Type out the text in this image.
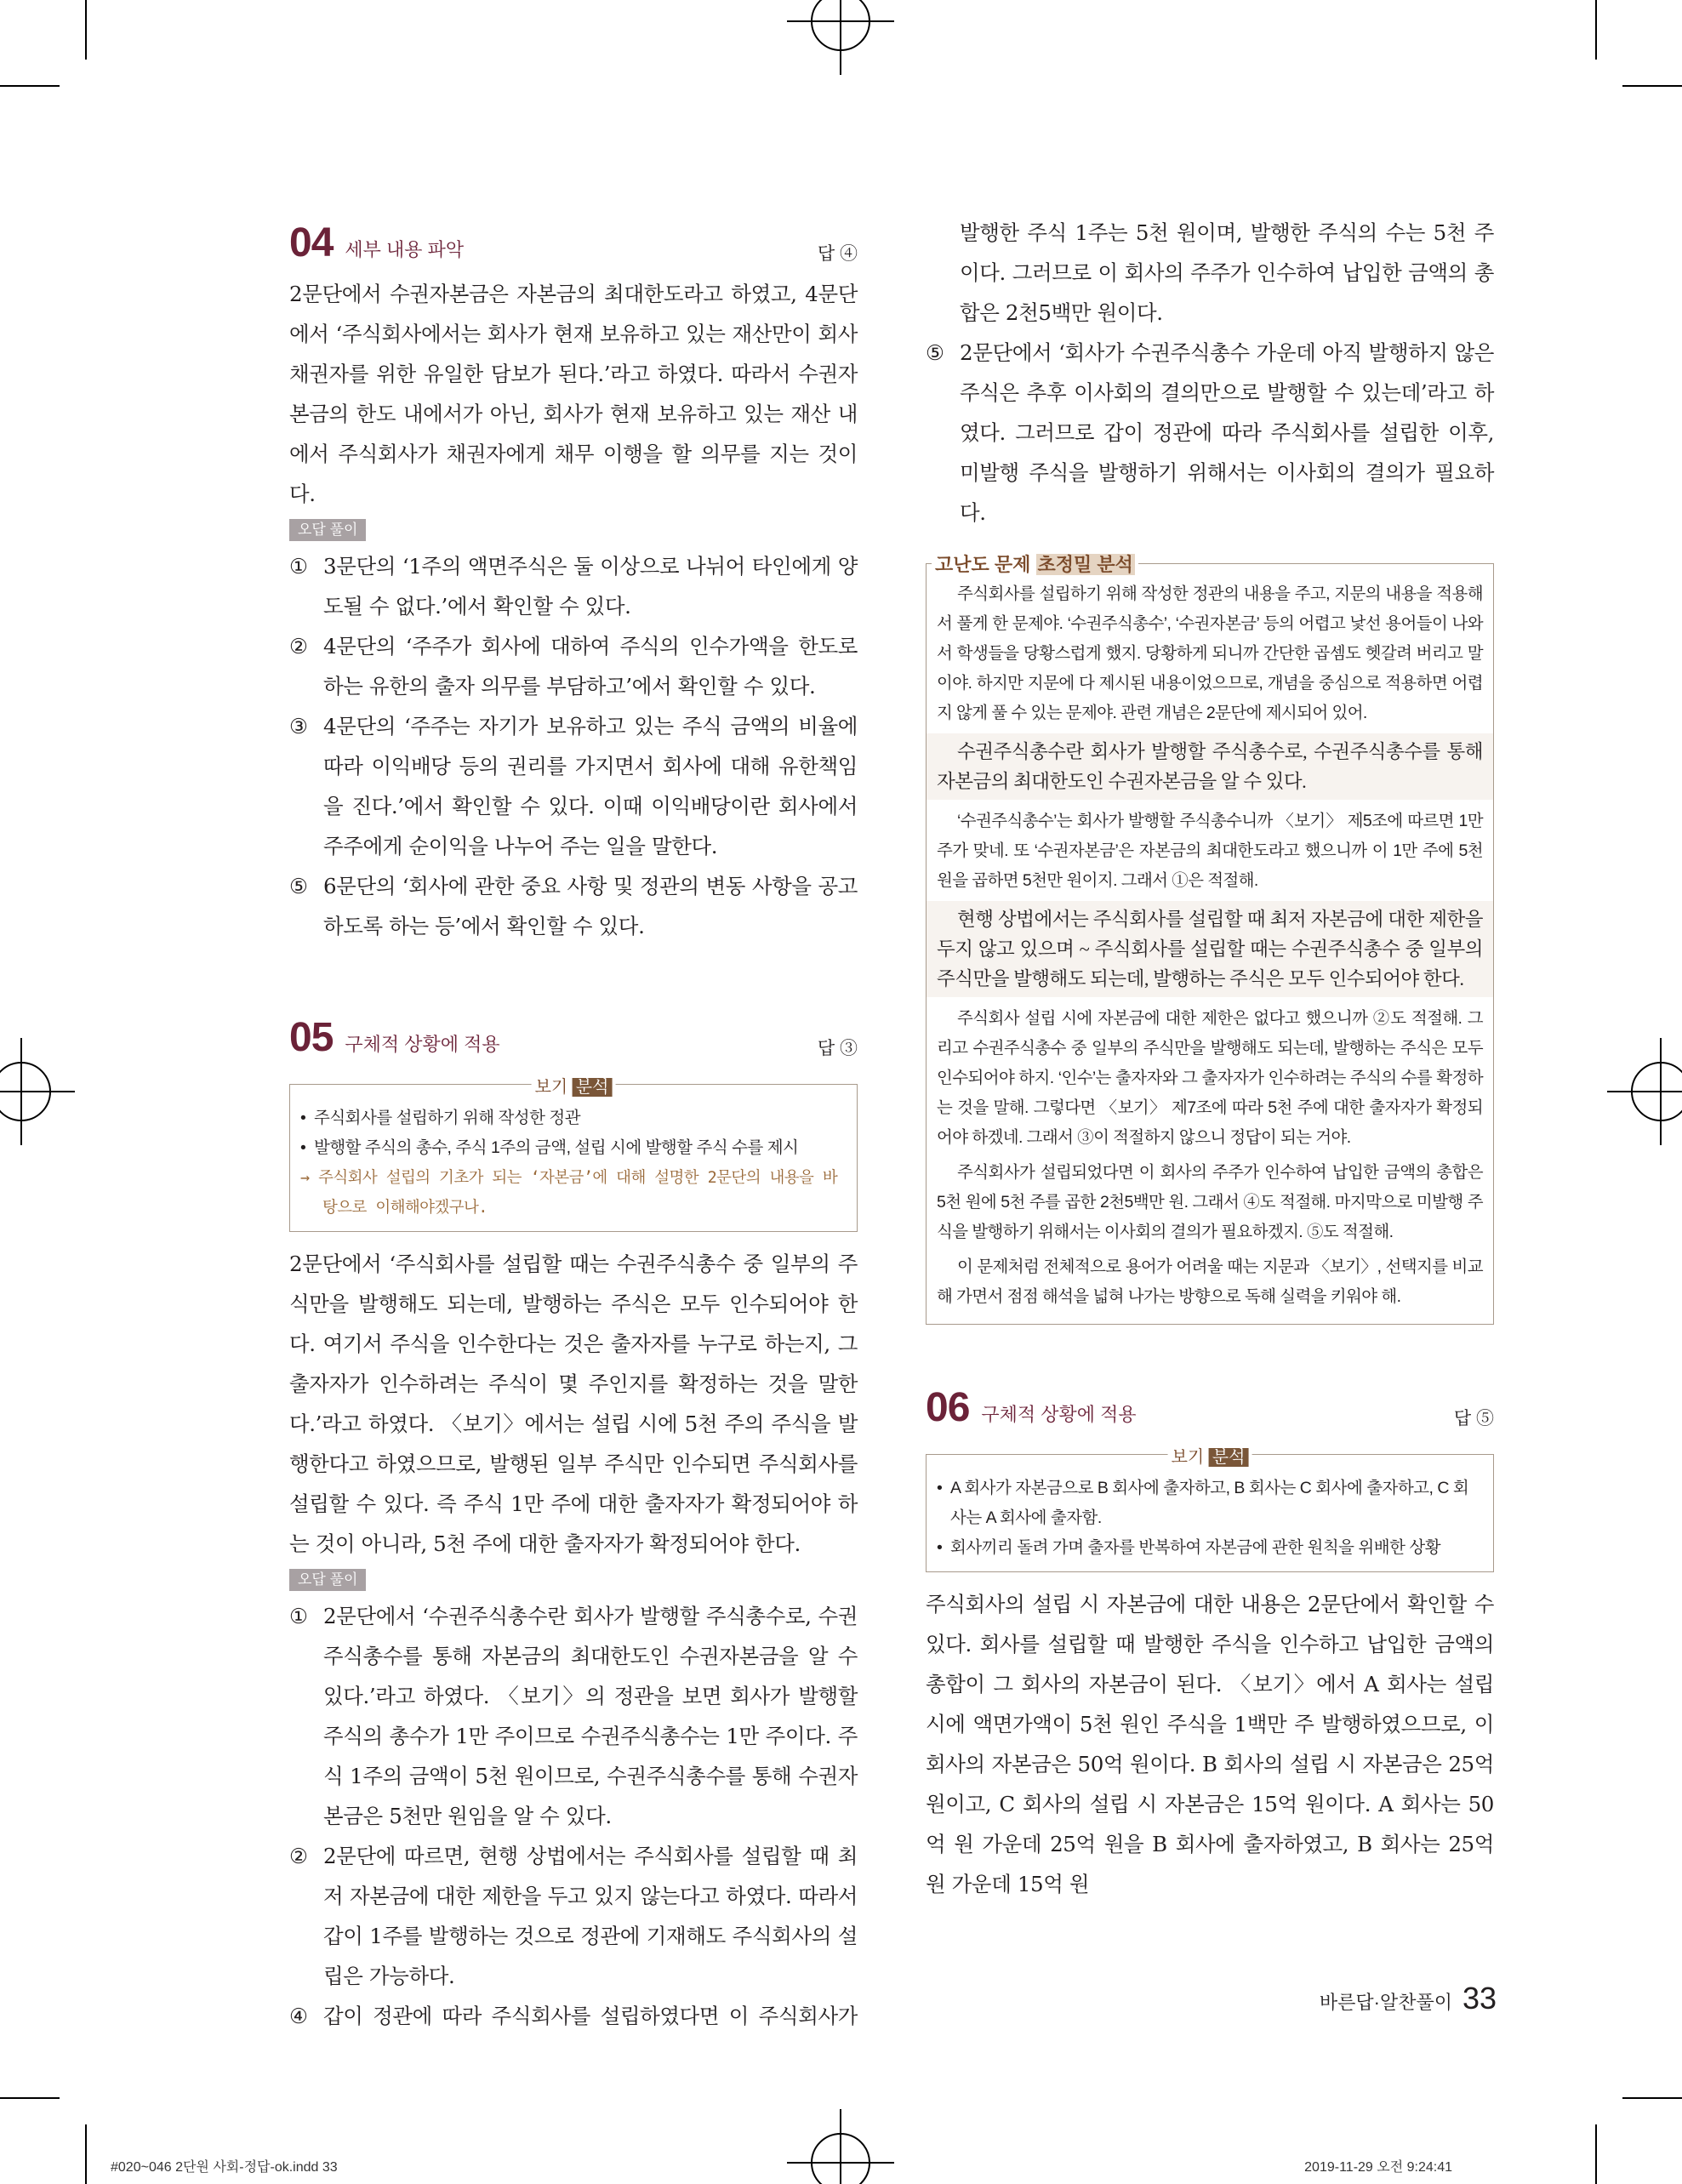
04 세부 내용 파악	답 ④

2문단에서 수권자본금은 자본금의 최대한도라고 하였고, 4문단에서 ‘주식회사에서는 회사가 현재 보유하고 있는 재산만이 회사 채권자를 위한 유일한 담보가 된다.’라고 하였다. 따라서 수권자본금의 한도 내에서가 아닌, 회사가 현재 보유하고 있는 재산 내에서 주식회사가 채권자에게 채무 이행을 할 의무를 지는 것이다.

오답 풀이

① 3문단의 ‘1주의 액면주식은 둘 이상으로 나뉘어 타인에게 양도될 수 없다.’에서 확인할 수 있다.

② 4문단의 ‘주주가 회사에 대하여 주식의 인수가액을 한도로 하는 유한의 출자 의무를 부담하고’에서 확인할 수 있다.

③ 4문단의 ‘주주는 자기가 보유하고 있는 주식 금액의 비율에 따라 이익배당 등의 권리를 가지면서 회사에 대해 유한책임을 진다.’에서 확인할 수 있다. 이때 이익배당이란 회사에서 주주에게 순이익을 나누어 주는 일을 말한다.

⑤ 6문단의 ‘회사에 관한 중요 사항 및 정관의 변동 사항을 공고하도록 하는 등’에서 확인할 수 있다.

05 구체적 상황에 적용	답 ③
보기 분석
• 주식회사를 설립하기 위해 작성한 정관
• 발행할 주식의 총수, 주식 1주의 금액, 설립 시에 발행할 주식 수를 제시

→ 주식회사 설립의 기초가 되는 ‘자본금’에 대해 설명한 2문단의 내용을 바탕으로 이해해야겠구나.

2문단에서 ‘주식회사를 설립할 때는 수권주식총수 중 일부의 주식만을 발행해도 되는데, 발행하는 주식은 모두 인수되어야 한다. 여기서 주식을 인수한다는 것은 출자자를 누구로 하는지, 그 출자자가 인수하려는 주식이 몇 주인지를 확정하는 것을 말한다.’라고 하였다. 〈보기〉에서는 설립 시에 5천 주의 주식을 발행한다고 하였으므로, 발행된 일부 주식만 인수되면 주식회사를 설립할 수 있다. 즉 주식 1만 주에 대한 출자자가 확정되어야 하는 것이 아니라, 5천 주에 대한 출자자가 확정되어야 한다.

오답 풀이

① 2문단에서 ‘수권주식총수란 회사가 발행할 주식총수로, 수권주식총수를 통해 자본금의 최대한도인 수권자본금을 알 수 있다.’라고 하였다. 〈보기〉의 정관을 보면 회사가 발행할 주식의 총수가 1만 주이므로 수권주식총수는 1만 주이다. 주식 1주의 금액이 5천 원이므로, 수권주식총수를 통해 수권자본금은 5천만 원임을 알 수 있다.

② 2문단에 따르면, 현행 상법에서는 주식회사를 설립할 때 최저 자본금에 대한 제한을 두고 있지 않는다고 하였다. 따라서 갑이 1주를 발행하는 것으로 정관에 기재해도 주식회사의 설립은 가능하다.

④ 갑이 정관에 따라 주식회사를 설립하였다면 이 주식회사가

발행한 주식 1주는 5천 원이며, 발행한 주식의 수는 5천 주이다. 그러므로 이 회사의 주주가 인수하여 납입한 금액의 총합은 2천5백만 원이다.

⑤ 2문단에서 ‘회사가 수권주식총수 가운데 아직 발행하지 않은 주식은 추후 이사회의 결의만으로 발행할 수 있는데’라고 하였다. 그러므로 갑이 정관에 따라 주식회사를 설립한 이후, 미발행 주식을 발행하기 위해서는 이사회의 결의가 필요하다.

고난도 문제 초정밀 분석

주식회사를 설립하기 위해 작성한 정관의 내용을 주고, 지문의 내용을 적용해서 풀게 한 문제야. ‘수권주식총수’, ‘수권자본금’ 등의 어렵고 낯선 용어들이 나와서 학생들을 당황스럽게 했지. 당황하게 되니까 간단한 곱셈도 헷갈려 버리고 말이야. 하지만 지문에 다 제시된 내용이었으므로, 개념을 중심으로 적용하면 어렵지 않게 풀 수 있는 문제야. 관련 개념은 2문단에 제시되어 있어.

수권주식총수란 회사가 발행할 주식총수로, 수권주식총수를 통해 자본금의 최대한도인 수권자본금을 알 수 있다.

‘수권주식총수’는 회사가 발행할 주식총수니까 〈보기〉 제5조에 따르면 1만 주가 맞네. 또 ‘수권자본금’은 자본금의 최대한도라고 했으니까 이 1만 주에 5천 원을 곱하면 5천만 원이지. 그래서 ①은 적절해.

현행 상법에서는 주식회사를 설립할 때 최저 자본금에 대한 제한을 두지 않고 있으며 ~ 주식회사를 설립할 때는 수권주식총수 중 일부의 주식만을 발행해도 되는데, 발행하는 주식은 모두 인수되어야 한다.

주식회사 설립 시에 자본금에 대한 제한은 없다고 했으니까 ②도 적절해. 그리고 수권주식총수 중 일부의 주식만을 발행해도 되는데, 발행하는 주식은 모두 인수되어야 하지. ‘인수’는 출자자와 그 출자자가 인수하려는 주식의 수를 확정하는 것을 말해. 그렇다면 〈보기〉 제7조에 따라 5천 주에 대한 출자자가 확정되어야 하겠네. 그래서 ③이 적절하지 않으니 정답이 되는 거야.

주식회사가 설립되었다면 이 회사의 주주가 인수하여 납입한 금액의 총합은 5천 원에 5천 주를 곱한 2천5백만 원. 그래서 ④도 적절해. 마지막으로 미발행 주식을 발행하기 위해서는 이사회의 결의가 필요하겠지. ⑤도 적절해.

이 문제처럼 전체적으로 용어가 어려울 때는 지문과 〈보기〉, 선택지를 비교해 가면서 점점 해석을 넓혀 나가는 방향으로 독해 실력을 키워야 해.

06 구체적 상황에 적용	답 ⑤
보기 분석
• A 회사가 자본금으로 B 회사에 출자하고, B 회사는 C 회사에 출자하고, C 회사는 A 회사에 출자함.
• 회사끼리 돌려 가며 출자를 반복하여 자본금에 관한 원칙을 위배한 상황

주식회사의 설립 시 자본금에 대한 내용은 2문단에서 확인할 수 있다. 회사를 설립할 때 발행한 주식을 인수하고 납입한 금액의 총합이 그 회사의 자본금이 된다. 〈보기〉에서 A 회사는 설립 시에 액면가액이 5천 원인 주식을 1백만 주 발행하였으므로, 이 회사의 자본금은 50억 원이다. B 회사의 설립 시 자본금은 25억 원이고, C 회사의 설립 시 자본금은 15억 원이다. A 회사는 50억 원 가운데 25억 원을 B 회사에 출자하였고, B 회사는 25억 원 가운데 15억 원

바른답·알찬풀이 33
#020~046 2단원 사회-정답-ok.indd 33	2019-11-29 오전 9:24:41
